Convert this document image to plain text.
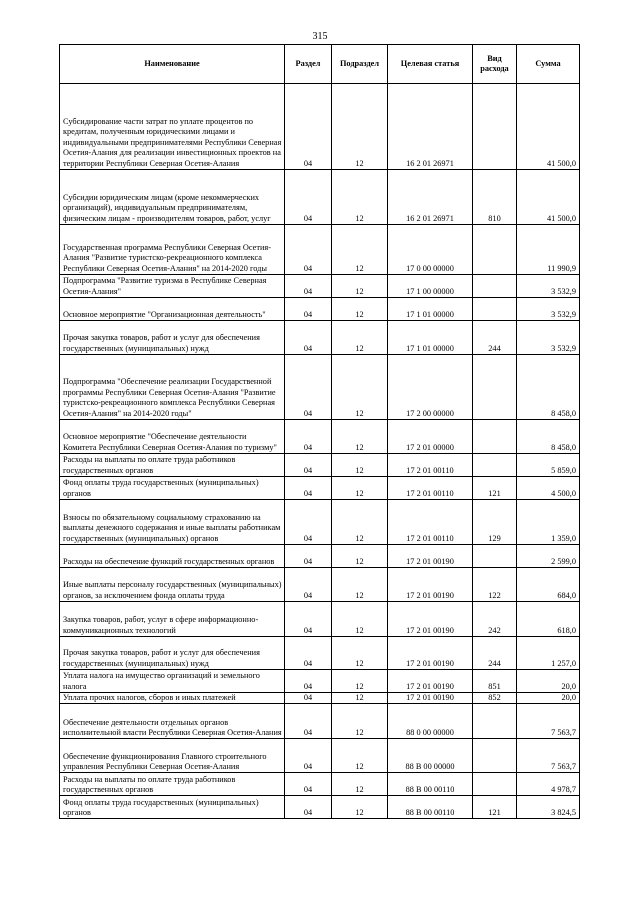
315
Наименование	Раздел	Подраздел	Целевая статья	Вид расхода	Сумма
Субсидирование части затрат по уплате процентов по кредитам, полученным юридическими лицами и индивидуальными предпринимателями Республики Северная Осетия-Алания для реализации инвестиционных проектов на территории Республики Северная Осетия-Алания	04	12	16 2 01 26971		41 500,0
Субсидии юридическим лицам (кроме некоммерческих организаций), индивидуальным предпринимателям, физическим лицам - производителям товаров, работ, услуг	04	12	16 2 01 26971	810	41 500,0
Государственная программа Республики Северная Осетия-Алания "Развитие туристско-рекреационного комплекса Республики Северная Осетия-Алания" на 2014-2020 годы	04	12	17 0 00 00000		11 990,9
Подпрограмма "Развитие туризма в Республике Северная Осетия-Алания"	04	12	17 1 00 00000		3 532,9
Основное мероприятие "Организационная деятельность"	04	12	17 1 01 00000		3 532,9
Прочая закупка товаров, работ и услуг для обеспечения государственных (муниципальных) нужд	04	12	17 1 01 00000	244	3 532,9
Подпрограмма "Обеспечение реализации Государственной программы Республики Северная Осетия-Алания "Развитие туристско-рекреационного комплекса Республики Северная Осетия-Алания" на 2014-2020 годы"	04	12	17 2 00 00000		8 458,0
Основное мероприятие "Обеспечение деятельности Комитета Республики Северная Осетия-Алания по туризму"	04	12	17 2 01 00000		8 458,0
Расходы на выплаты по оплате труда работников государственных органов	04	12	17 2 01 00110		5 859,0
Фонд оплаты труда государственных (муниципальных) органов	04	12	17 2 01 00110	121	4 500,0
Взносы по обязательному социальному страхованию на выплаты денежного содержания и иные выплаты работникам государственных (муниципальных) органов	04	12	17 2 01 00110	129	1 359,0
Расходы на обеспечение функций государственных органов	04	12	17 2 01 00190		2 599,0
Иные выплаты персоналу государственных (муниципальных) органов, за исключением фонда оплаты труда	04	12	17 2 01 00190	122	684,0
Закупка товаров, работ, услуг в сфере информационно-коммуникационных технологий	04	12	17 2 01 00190	242	618,0
Прочая закупка товаров, работ и услуг для обеспечения государственных (муниципальных) нужд	04	12	17 2 01 00190	244	1 257,0
Уплата налога на имущество организаций и земельного налога	04	12	17 2 01 00190	851	20,0
Уплата прочих налогов, сборов и иных платежей	04	12	17 2 01 00190	852	20,0
Обеспечение деятельности отдельных органов исполнительной власти Республики Северная Осетия-Алания	04	12	88 0 00 00000		7 563,7
Обеспечение функционирования Главного строительного управления Республики Северная Осетия-Алания	04	12	88 В 00 00000		7 563,7
Расходы на выплаты по оплате труда работников государственных органов	04	12	88 В 00 00110		4 978,7
Фонд оплаты труда государственных (муниципальных) органов	04	12	88 В 00 00110	121	3 824,5
